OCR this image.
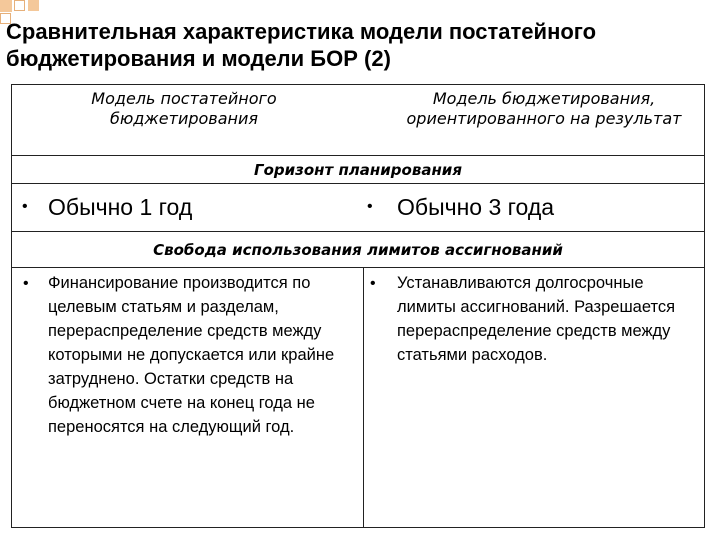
Сравнительная характеристика модели постатейного бюджетирования и модели БОР (2)
Модель постатейного бюджетирования
Модель бюджетирования, ориентированного на результат
Горизонт планирования
• Обычно 1 год	• Обычно 3 года
Свобода использования лимитов ассигнований
• Финансирование производится по целевым статьям и разделам, перераспределение средств между которыми не допускается или крайне затруднено. Остатки средств на бюджетном счете на конец года не переносятся на следующий год.
• Устанавливаются долгосрочные лимиты ассигнований. Разрешается перераспределение средств между статьями расходов.
